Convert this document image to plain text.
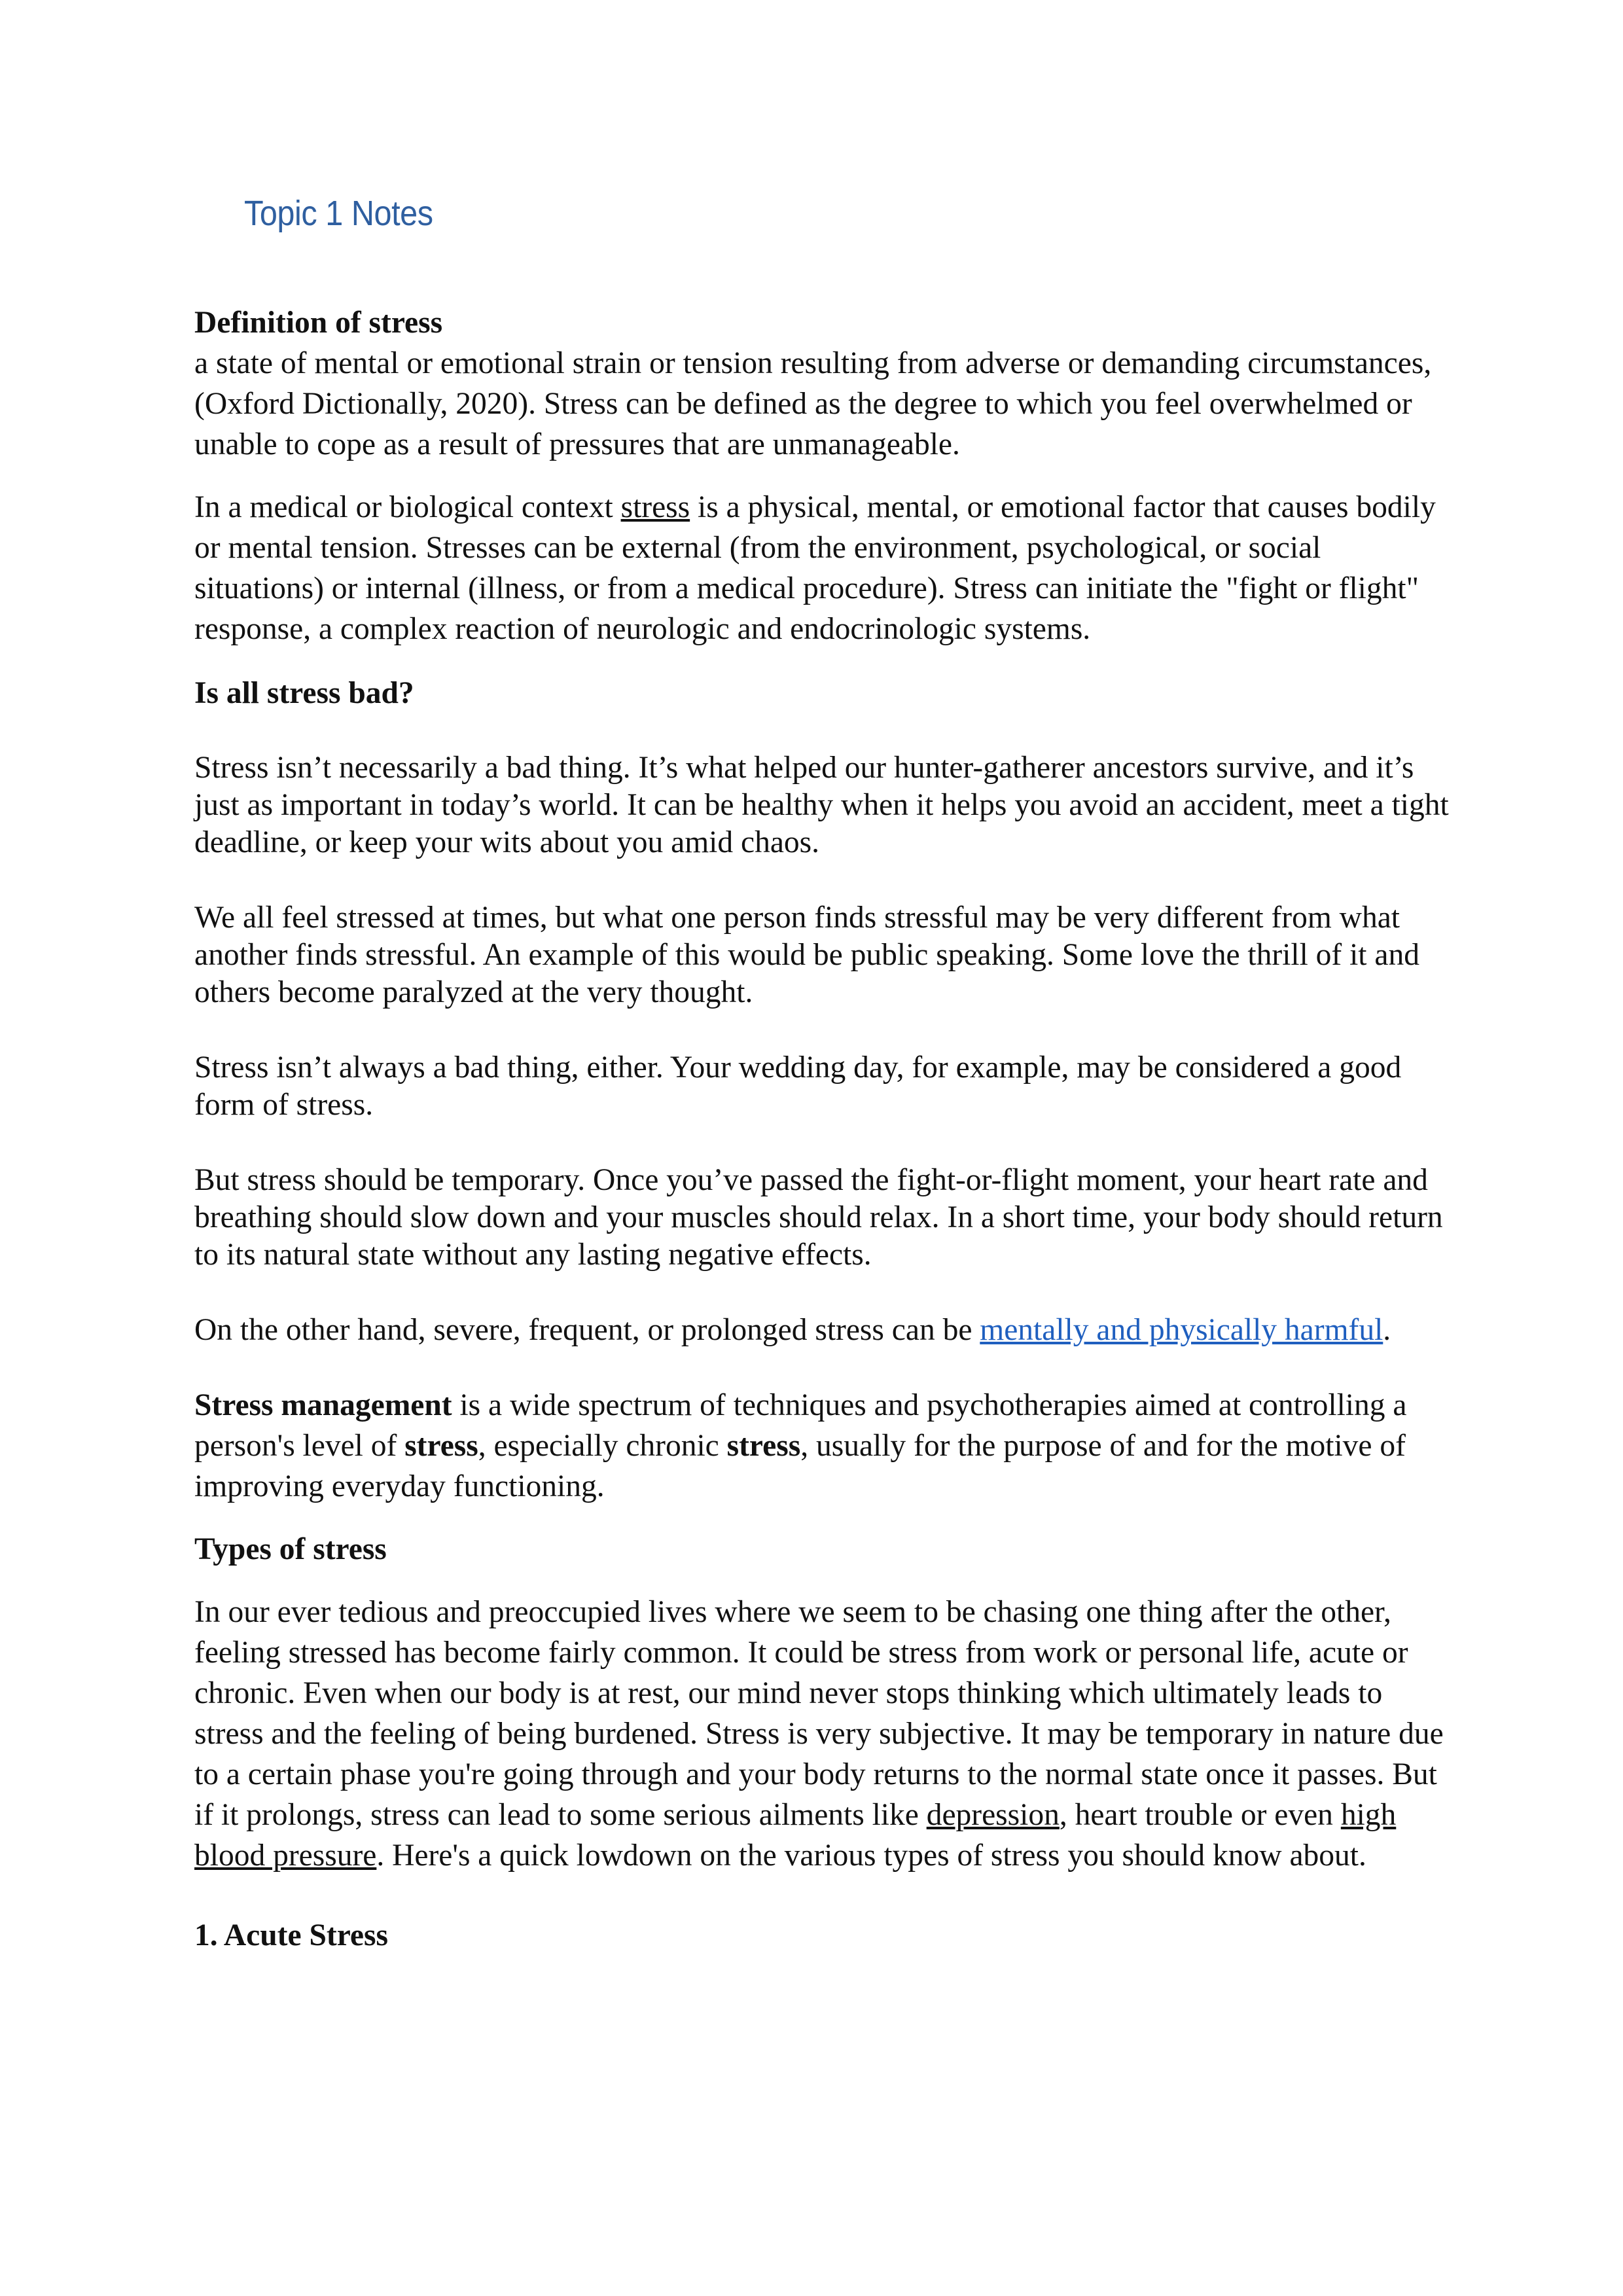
Topic 1 Notes
Definition of stress

a state of mental or emotional strain or tension resulting from adverse or demanding circumstances, (Oxford Dictionally, 2020). Stress can be defined as the degree to which you feel overwhelmed or unable to cope as a result of pressures that are unmanageable.

In a medical or biological context stress is a physical, mental, or emotional factor that causes bodily or mental tension. Stresses can be external (from the environment, psychological, or social situations) or internal (illness, or from a medical procedure). Stress can initiate the "fight or flight" response, a complex reaction of neurologic and endocrinologic systems.

Is all stress bad?

Stress isn’t necessarily a bad thing. It’s what helped our hunter-gatherer ancestors survive, and it’s just as important in today’s world. It can be healthy when it helps you avoid an accident, meet a tight deadline, or keep your wits about you amid chaos.

We all feel stressed at times, but what one person finds stressful may be very different from what another finds stressful. An example of this would be public speaking. Some love the thrill of it and others become paralyzed at the very thought.

Stress isn’t always a bad thing, either. Your wedding day, for example, may be considered a good form of stress.

But stress should be temporary. Once you’ve passed the fight-or-flight moment, your heart rate and breathing should slow down and your muscles should relax. In a short time, your body should return to its natural state without any lasting negative effects.

On the other hand, severe, frequent, or prolonged stress can be mentally and physically harmful.

Stress management is a wide spectrum of techniques and psychotherapies aimed at controlling a person's level of stress, especially chronic stress, usually for the purpose of and for the motive of improving everyday functioning.

Types of stress

In our ever tedious and preoccupied lives where we seem to be chasing one thing after the other, feeling stressed has become fairly common. It could be stress from work or personal life, acute or chronic. Even when our body is at rest, our mind never stops thinking which ultimately leads to stress and the feeling of being burdened. Stress is very subjective. It may be temporary in nature due to a certain phase you're going through and your body returns to the normal state once it passes. But if it prolongs, stress can lead to some serious ailments like depression, heart trouble or even high blood pressure. Here's a quick lowdown on the various types of stress you should know about.

1. Acute Stress
